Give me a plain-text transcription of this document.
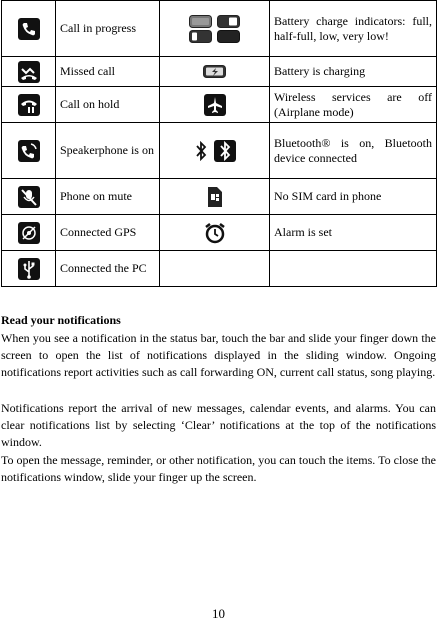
	Call in progress		Battery charge indicators: full, half-full, low, very low!

	Missed call		Battery is charging

	Call on hold		Wireless services are off (Airplane mode)

	Speakerphone is on		Bluetooth® is on, Bluetooth device connected

	Phone on mute		No SIM card in phone

	Connected GPS		Alarm is set

	Connected the PC		

Read your notifications

When you see a notification in the status bar, touch the bar and slide your finger down the screen to open the list of notifications displayed in the sliding window. Ongoing notifications report activities such as call forwarding ON, current call status, song playing.

Notifications report the arrival of new messages, calendar events, and alarms. You can clear notifications list by selecting ‘Clear’ notifications at the top of the notifications window.

To open the message, reminder, or other notification, you can touch the items. To close the notifications window, slide your finger up the screen.

10
